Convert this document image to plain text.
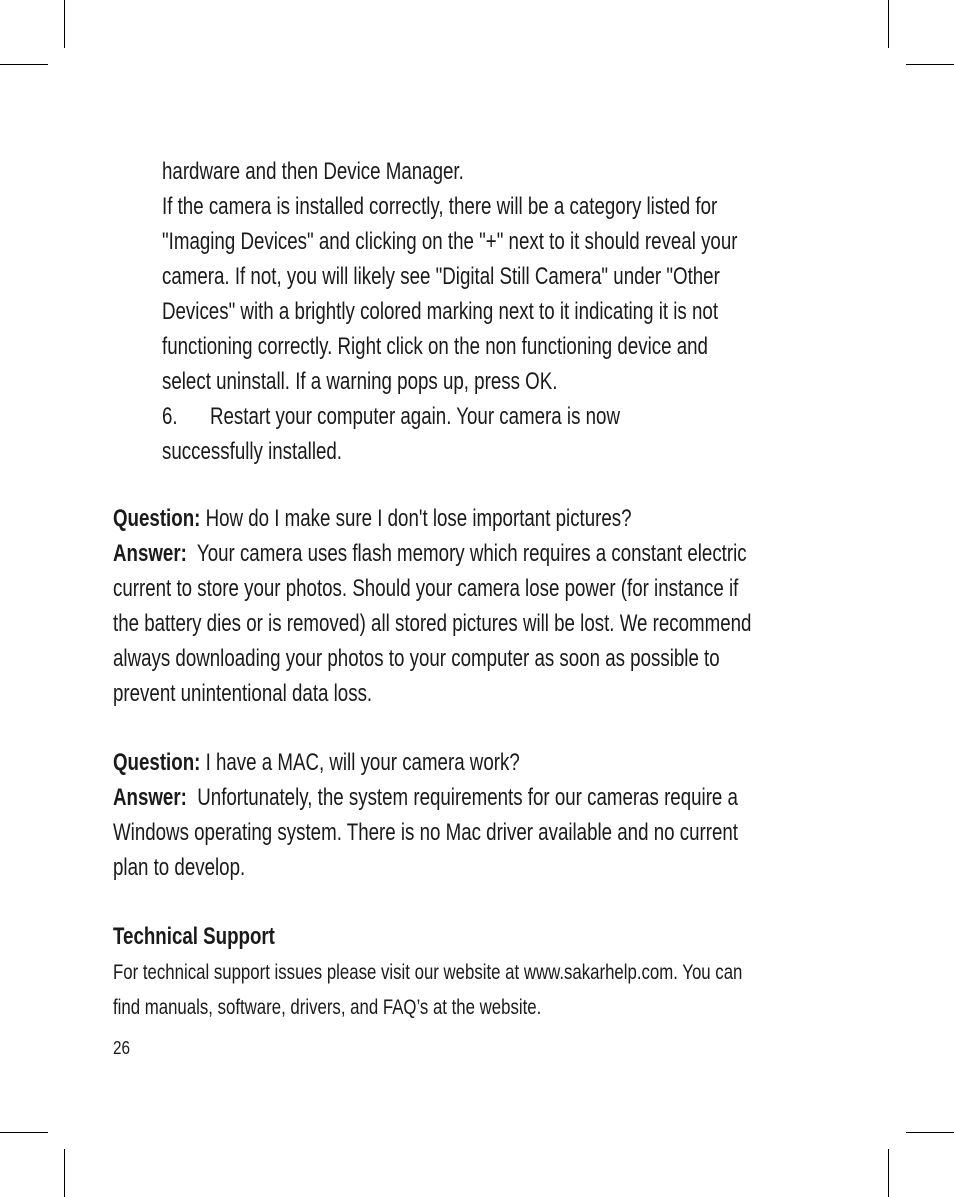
hardware and then Device Manager.
If the camera is installed correctly, there will be a category listed for
"Imaging Devices" and clicking on the "+" next to it should reveal your
camera. If not, you will likely see "Digital Still Camera" under "Other
Devices" with a brightly colored marking next to it indicating it is not
functioning correctly. Right click on the non functioning device and
select uninstall. If a warning pops up, press OK.
6. Restart your computer again. Your camera is now
successfully installed.
Question: How do I make sure I don't lose important pictures?
Answer: Your camera uses flash memory which requires a constant electric
current to store your photos. Should your camera lose power (for instance if
the battery dies or is removed) all stored pictures will be lost. We recommend
always downloading your photos to your computer as soon as possible to
prevent unintentional data loss.
Question: I have a MAC, will your camera work?
Answer: Unfortunately, the system requirements for our cameras require a
Windows operating system. There is no Mac driver available and no current
plan to develop.
Technical Support
For technical support issues please visit our website at www.sakarhelp.com. You can
find manuals, software, drivers, and FAQ’s at the website.
26
